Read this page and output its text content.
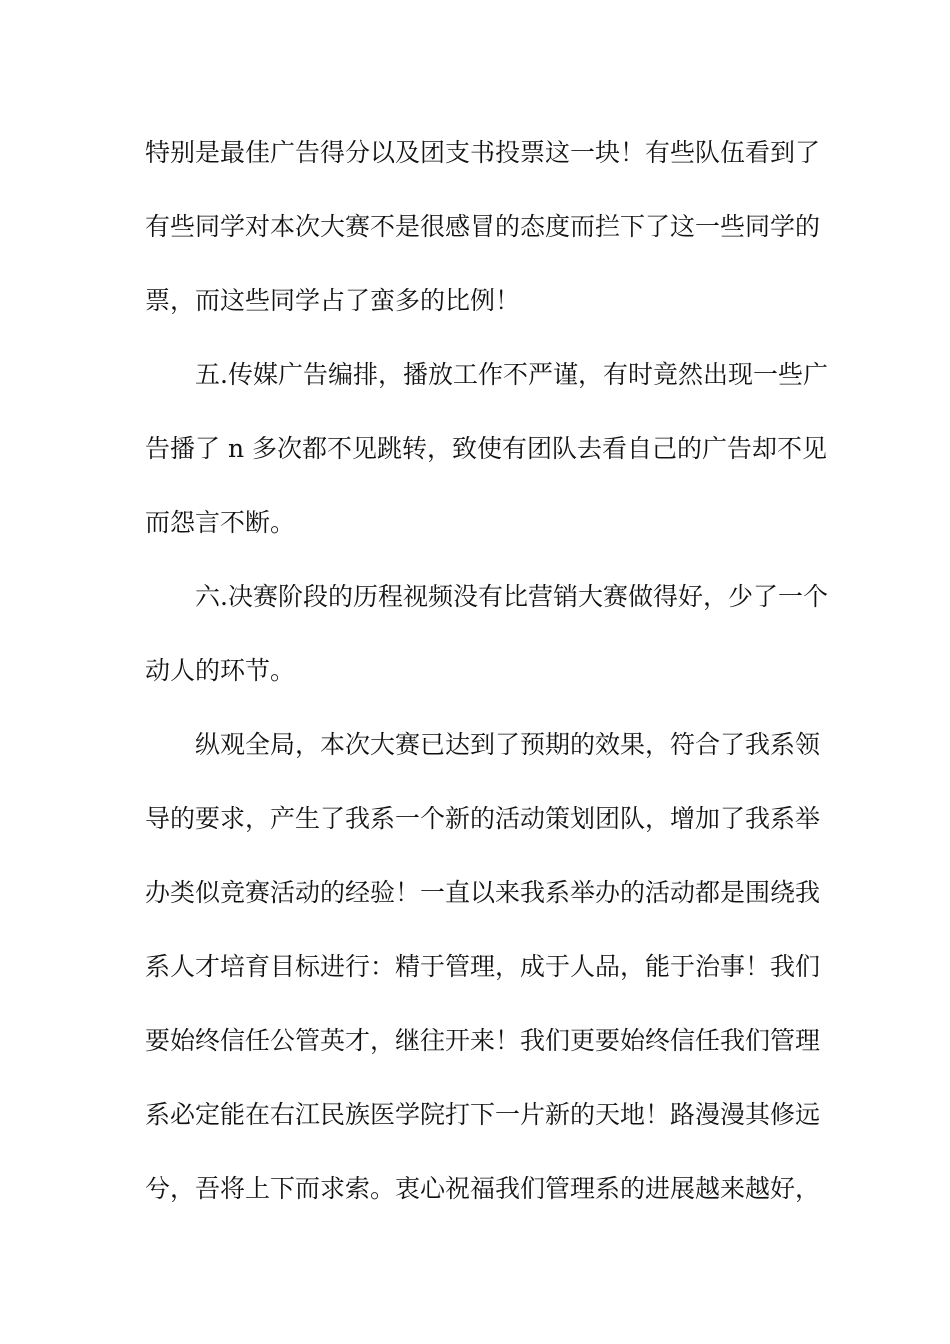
特别是最佳广告得分以及团支书投票这一块！有些队伍看到了
有些同学对本次大赛不是很感冒的态度而拦下了这一些同学的
票，而这些同学占了蛮多的比例！
五.传媒广告编排，播放工作不严谨，有时竟然出现一些广
告播了 n 多次都不见跳转，致使有团队去看自己的广告却不见
而怨言不断。
六.决赛阶段的历程视频没有比营销大赛做得好，少了一个
动人的环节。
纵观全局，本次大赛已达到了预期的效果，符合了我系领
导的要求，产生了我系一个新的活动策划团队，增加了我系举
办类似竞赛活动的经验！一直以来我系举办的活动都是围绕我
系人才培育目标进行：精于管理，成于人品，能于治事！我们
要始终信任公管英才，继往开来！我们更要始终信任我们管理
系必定能在右江民族医学院打下一片新的天地！路漫漫其修远
兮，吾将上下而求索。衷心祝福我们管理系的进展越来越好，
